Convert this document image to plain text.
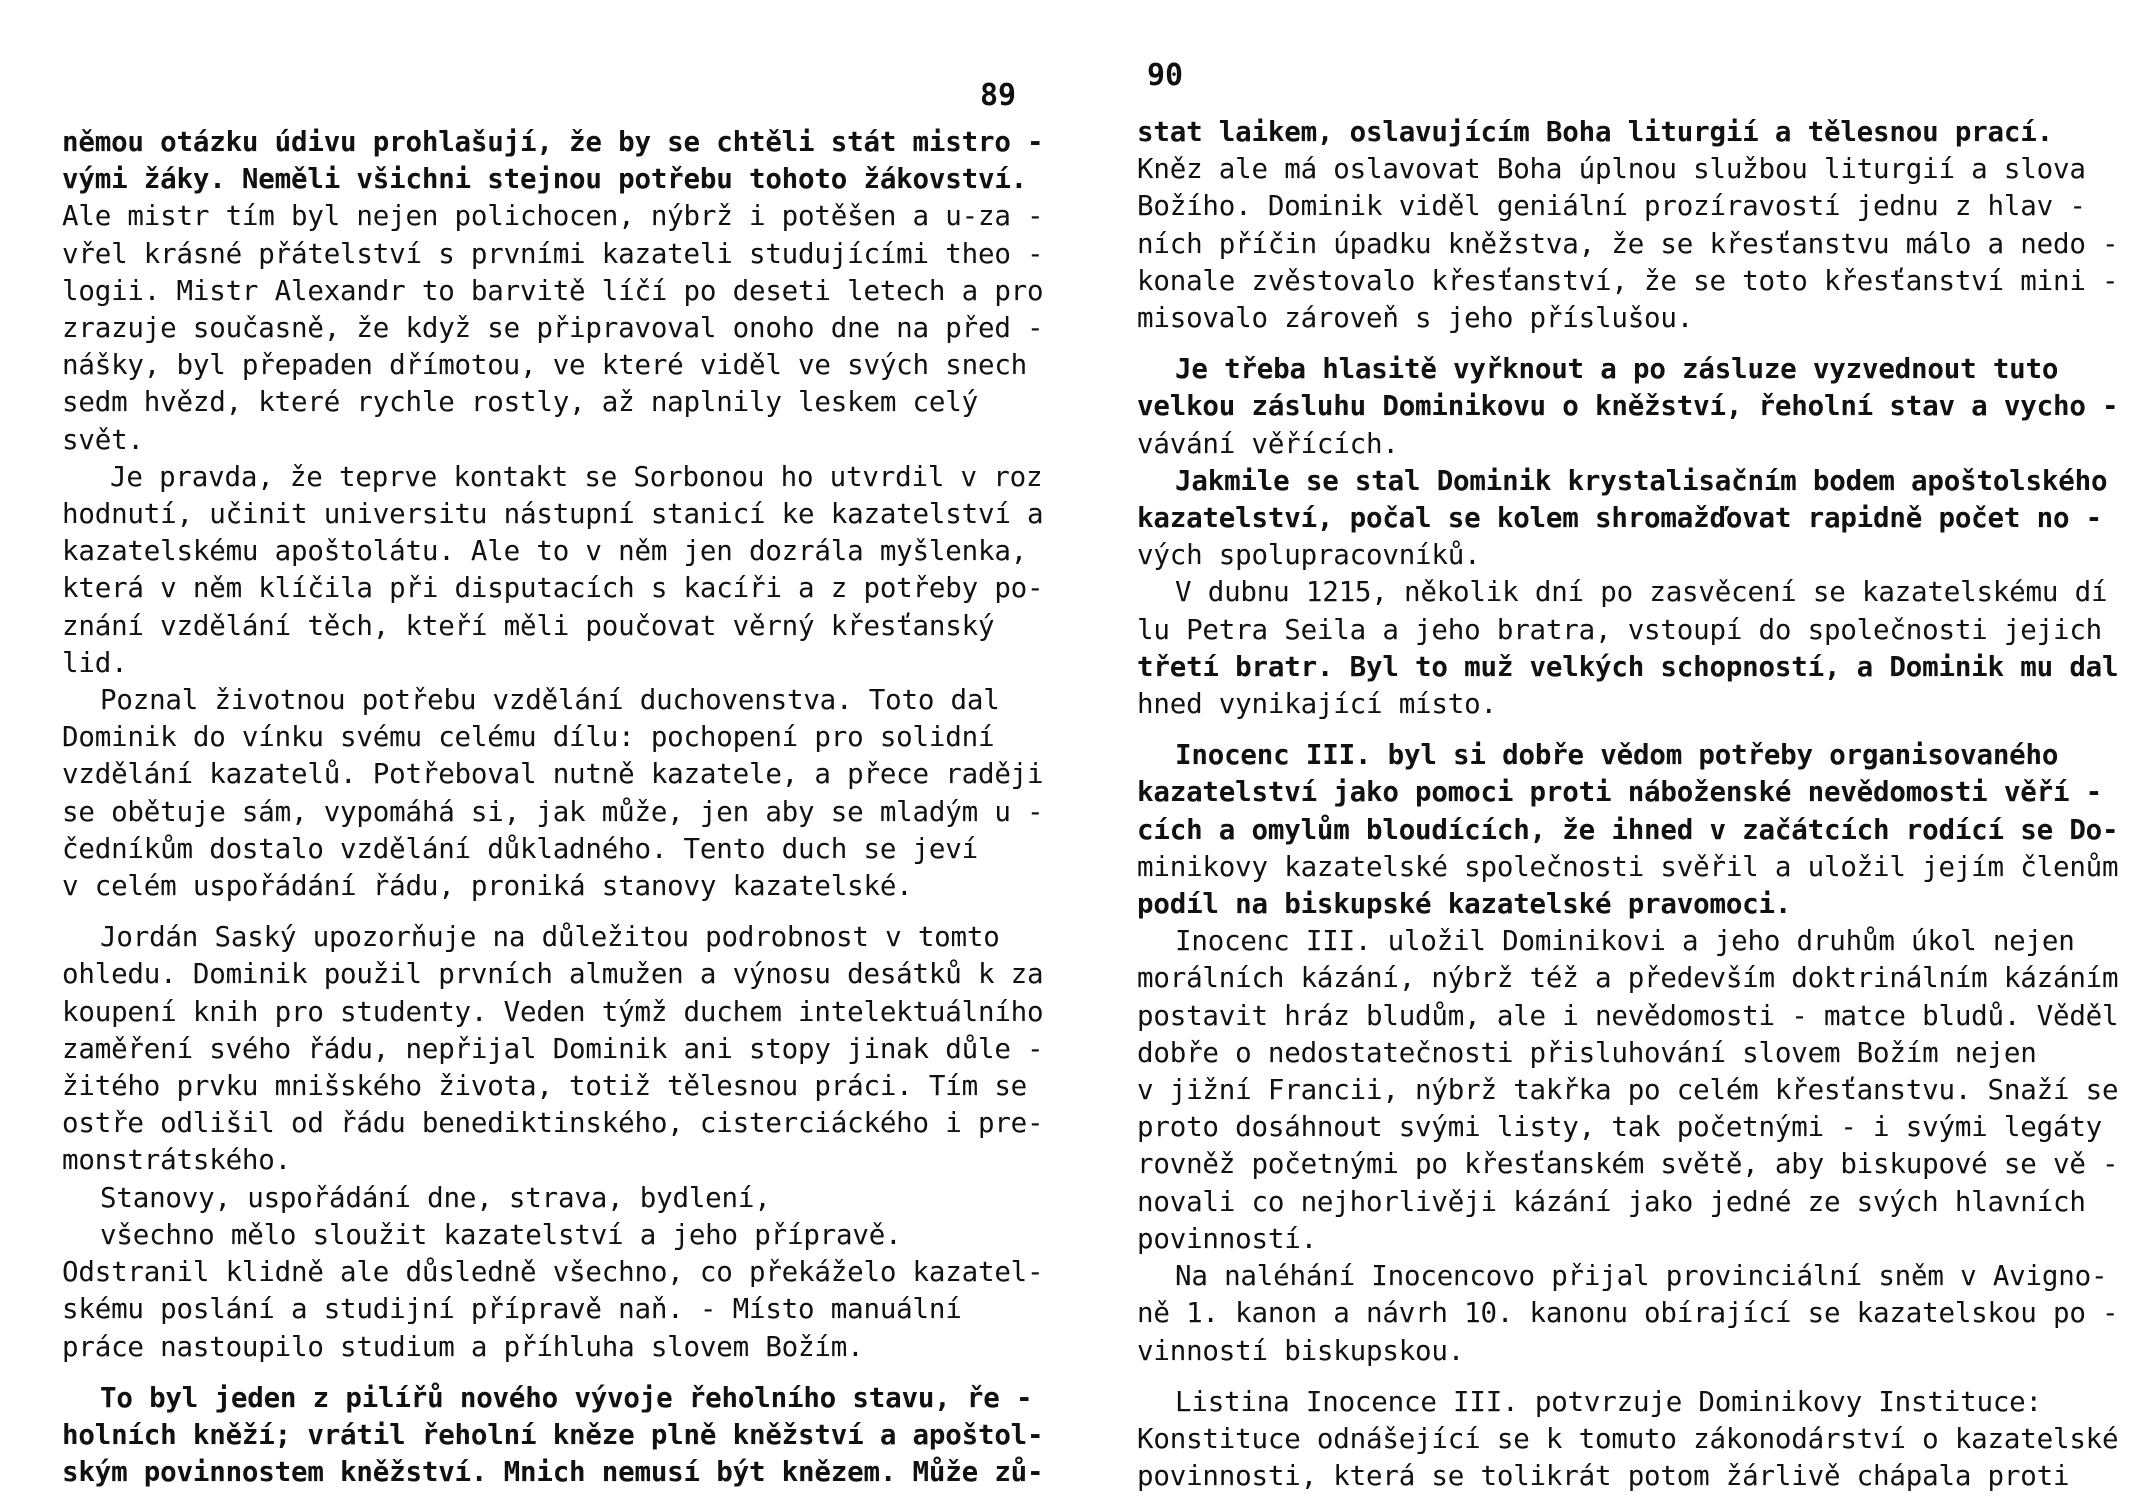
89
němou otázku údivu prohlašují, že by se chtěli stát mistro -
vými žáky. Neměli všichni stejnou potřebu tohoto žákovství.
Ale mistr tím byl nejen polichocen, nýbrž i potěšen a u-za -
vřel krásné přátelství s prvními kazateli studujícími theo -
logii. Mistr Alexandr to barvitě líčí po deseti letech a pro
zrazuje současně, že když se připravoval onoho dne na před -
nášky, byl přepaden dřímotou, ve které viděl ve svých snech
sedm hvězd, které rychle rostly, až naplnily leskem celý
svět.
Je pravda, že teprve kontakt se Sorbonou ho utvrdil v roz
hodnutí, učinit universitu nástupní stanicí ke kazatelství a
kazatelskému apoštolátu. Ale to v něm jen dozrála myšlenka,
která v něm klíčila při disputacích s kacíři a z potřeby po-
znání vzdělání těch, kteří měli poučovat věrný křesťanský
lid.
Poznal životnou potřebu vzdělání duchovenstva. Toto dal
Dominik do vínku svému celému dílu: pochopení pro solidní
vzdělání kazatelů. Potřeboval nutně kazatele, a přece raději
se obětuje sám, vypomáhá si, jak může, jen aby se mladým u -
čedníkům dostalo vzdělání důkladného. Tento duch se jeví
v celém uspořádání řádu, proniká stanovy kazatelské.
Jordán Saský upozorňuje na důležitou podrobnost v tomto
ohledu. Dominik použil prvních almužen a výnosu desátků k za
koupení knih pro studenty. Veden týmž duchem intelektuálního
zaměření svého řádu, nepřijal Dominik ani stopy jinak důle -
žitého prvku mnišského života, totiž tělesnou práci. Tím se
ostře odlišil od řádu benediktinského, cisterciáckého i pre-
monstrátského.
Stanovy, uspořádání dne, strava, bydlení,
všechno mělo sloužit kazatelství a jeho přípravě.
Odstranil klidně ale důsledně všechno, co překáželo kazatel-
skému poslání a studijní přípravě naň. - Místo manuální
práce nastoupilo studium a příhluha slovem Božím.
To byl jeden z pilířů nového vývoje řeholního stavu, ře -
holních kněží; vrátil řeholní kněze plně kněžství a apoštol-
ským povinnostem kněžství. Mnich nemusí být knězem. Může zů-
90
stat laikem, oslavujícím Boha liturgií a tělesnou prací.
Kněz ale má oslavovat Boha úplnou službou liturgií a slova
Božího. Dominik viděl geniální prozíravostí jednu z hlav -
ních příčin úpadku kněžstva, že se křesťanstvu málo a nedo -
konale zvěstovalo křesťanství, že se toto křesťanství mini -
misovalo zároveň s jeho příslušou.
Je třeba hlasitě vyřknout a po zásluze vyzvednout tuto
velkou zásluhu Dominikovu o kněžství, řeholní stav a vycho -
vávání věřících.
Jakmile se stal Dominik krystalisačním bodem apoštolského
kazatelství, počal se kolem shromažďovat rapidně počet no -
vých spolupracovníků.
V dubnu 1215, několik dní po zasvěcení se kazatelskému dí
lu Petra Seila a jeho bratra, vstoupí do společnosti jejich
třetí bratr. Byl to muž velkých schopností, a Dominik mu dal
hned vynikající místo.
Inocenc III. byl si dobře vědom potřeby organisovaného
kazatelství jako pomoci proti náboženské nevědomosti věří -
cích a omylům bloudících, že ihned v začátcích rodící se Do-
minikovy kazatelské společnosti svěřil a uložil jejím členům
podíl na biskupské kazatelské pravomoci.
Inocenc III. uložil Dominikovi a jeho druhům úkol nejen
morálních kázání, nýbrž též a především doktrinálním kázáním
postavit hráz bludům, ale i nevědomosti - matce bludů. Věděl
dobře o nedostatečnosti přisluhování slovem Božím nejen
v jižní Francii, nýbrž takřka po celém křesťanstvu. Snaží se
proto dosáhnout svými listy, tak početnými - i svými legáty
rovněž početnými po křesťanském světě, aby biskupové se vě -
novali co nejhorlivěji kázání jako jedné ze svých hlavních
povinností.
Na naléhání Inocencovo přijal provinciální sněm v Avigno-
ně 1. kanon a návrh 10. kanonu obírající se kazatelskou po -
vinností biskupskou.
Listina Inocence III. potvrzuje Dominikovy Instituce:
Konstituce odnášející se k tomuto zákonodárství o kazatelské
povinnosti, která se tolikrát potom žárlivě chápala proti
